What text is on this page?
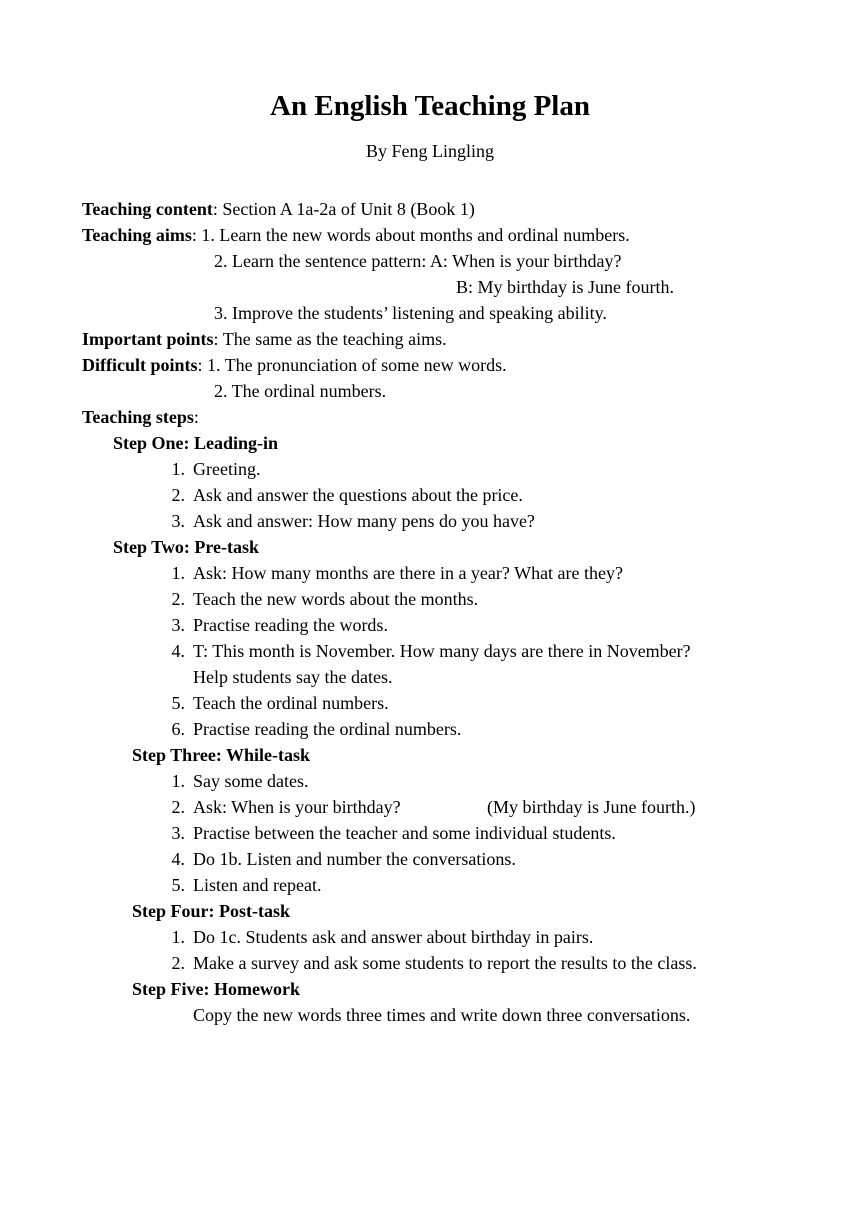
An English Teaching Plan
By Feng Lingling
Teaching content: Section A 1a-2a of Unit 8 (Book 1)
Teaching aims: 1. Learn the new words about months and ordinal numbers.
2. Learn the sentence pattern: A: When is your birthday?
B: My birthday is June fourth.
3. Improve the students’ listening and speaking ability.
Important points: The same as the teaching aims.
Difficult points: 1. The pronunciation of some new words.
2. The ordinal numbers.
Teaching steps:
Step One: Leading-in
1. Greeting.
2. Ask and answer the questions about the price.
3. Ask and answer: How many pens do you have?
Step Two: Pre-task
1. Ask: How many months are there in a year? What are they?
2. Teach the new words about the months.
3. Practise reading the words.
4. T: This month is November. How many days are there in November?
Help students say the dates.
5. Teach the ordinal numbers.
6. Practise reading the ordinal numbers.
Step Three: While-task
1. Say some dates.
2. Ask: When is your birthday?	(My birthday is June fourth.)
3. Practise between the teacher and some individual students.
4. Do 1b. Listen and number the conversations.
5. Listen and repeat.
Step Four: Post-task
1. Do 1c. Students ask and answer about birthday in pairs.
2. Make a survey and ask some students to report the results to the class.
Step Five: Homework
Copy the new words three times and write down three conversations.
